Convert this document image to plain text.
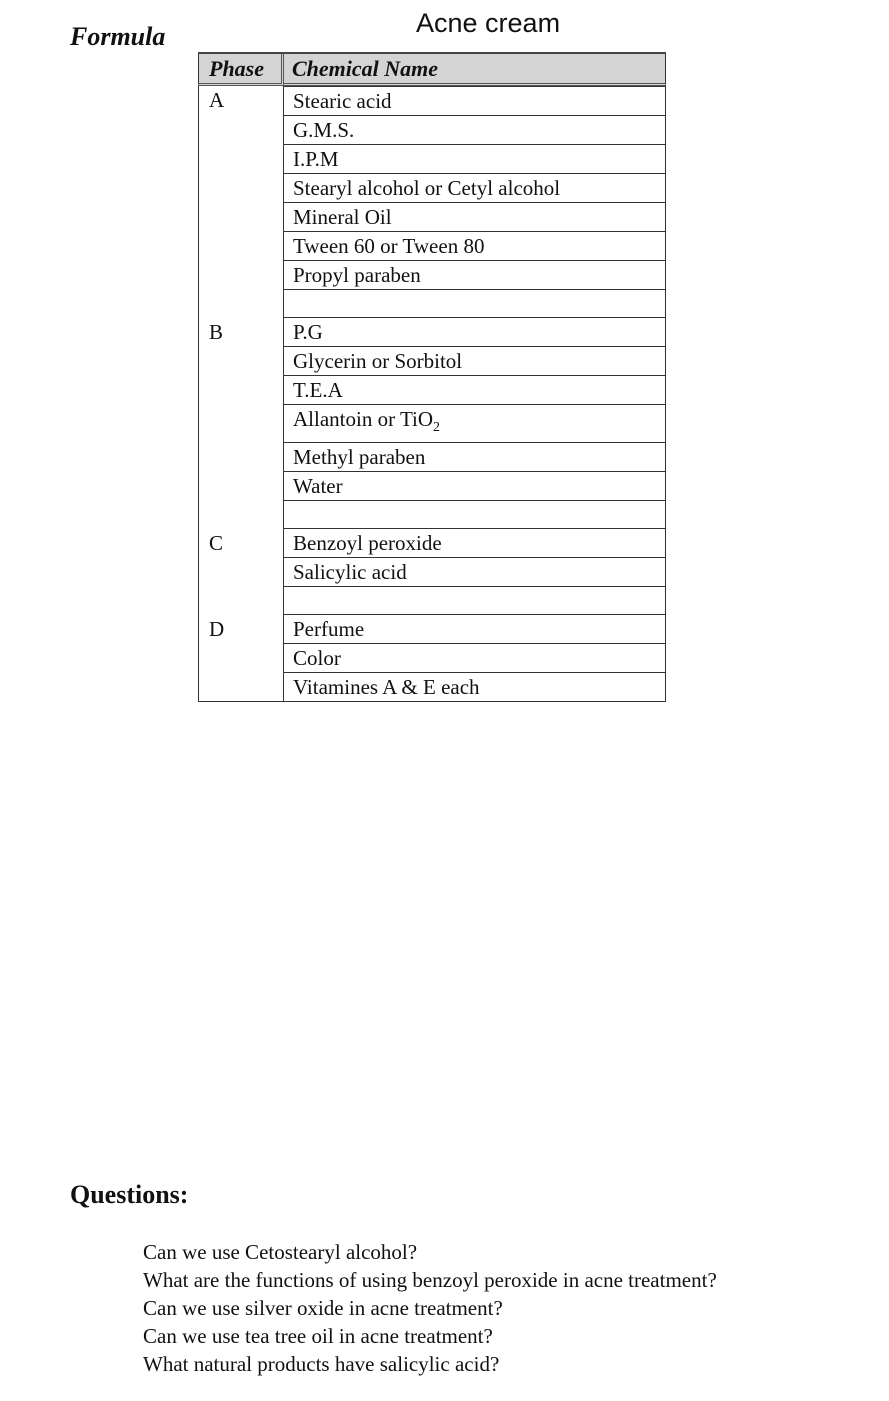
Acne cream
Formula
Phase	Chemical Name
A	Stearic acid
	G.M.S.
	I.P.M
	Stearyl alcohol or Cetyl alcohol
	Mineral Oil
	Tween 60 or Tween 80
	Propyl paraben

B	P.G
	Glycerin or Sorbitol
	T.E.A
	Allantoin or TiO$_2$
	Methyl paraben
	Water

C	Benzoyl peroxide
	Salicylic acid

D	Perfume
	Color
	Vitamines A & E each
Questions:
Can we use Cetostearyl alcohol?
What are the functions of using benzoyl peroxide in acne treatment?
Can we use silver oxide in acne treatment?
Can we use tea tree oil in acne treatment?
What natural products have salicylic acid?
